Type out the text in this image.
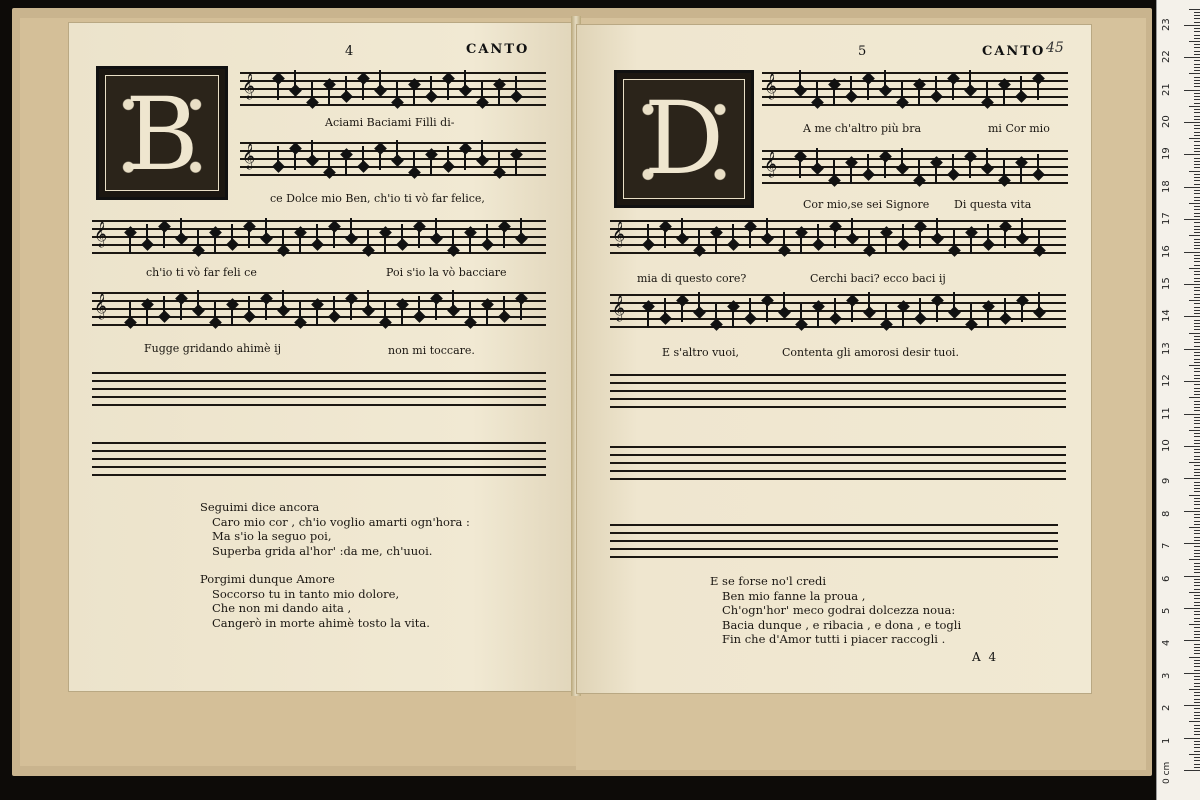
CANTO
4
B	𝄞
Aciami Baciami Filli di-
𝄞
ce Dolce mio Ben, ch'io ti vò far felice,
𝄞
ch'io ti vò far feli ce	Poi s'io la vò bacciare
𝄞
Fugge gridando ahimè ij	non mi toccare.
Seguimi dice ancora
Caro mio cor , ch'io voglio amarti ogn'hora :
Ma s'io la seguo poi,
Superba grida al'hor' :da me, ch'uuoi.
Porgimi dunque Amore
Soccorso tu in tanto mio dolore,
Che non mi dando aita ,
Cangerò in morte ahimè tosto la vita.
5	CANTO 45
D	𝄞
A me ch'altro più bra	mi Cor mio
𝄞
Cor mio,se sei Signore Di questa vita
𝄞
mia di questo core?	Cerchi baci? ecco baci ij
𝄞
E s'altro vuoi,	Contenta gli amorosi desir tuoi.
E se forse no'l credi
Ben mio fanne la proua ,
Ch'ogn'hor' meco godrai dolcezza noua:
Bacia dunque , e ribacia , e dona , e togli
Fin che d'Amor tutti i piacer raccogli .
A 4
0 cm
1
2
3
4
5
6
7
8
9
10
11
12
13
14
15
16
17
18
19
20
21
22
23
